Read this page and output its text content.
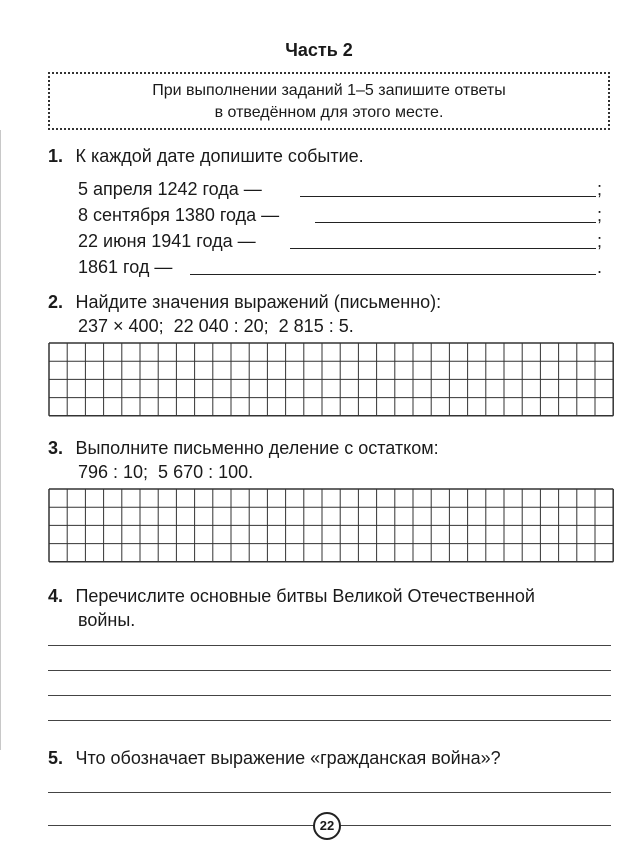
Часть 2
При выполнении заданий 1–5 запишите ответы
в отведённом для этого месте.
1. К каждой дате допишите событие.
5 апреля 1242 года —	;
8 сентября 1380 года —	;
22 июня 1941 года —	;
1861 год —	.
2. Найдите значения выражений (письменно):
237 × 400;  22 040 : 20;  2 815 : 5.
3. Выполните письменно деление с остатком:
796 : 10;  5 670 : 100.
4. Перечислите основные битвы Великой Отечественной
войны.
5. Что обозначает выражение «гражданская война»?
22
